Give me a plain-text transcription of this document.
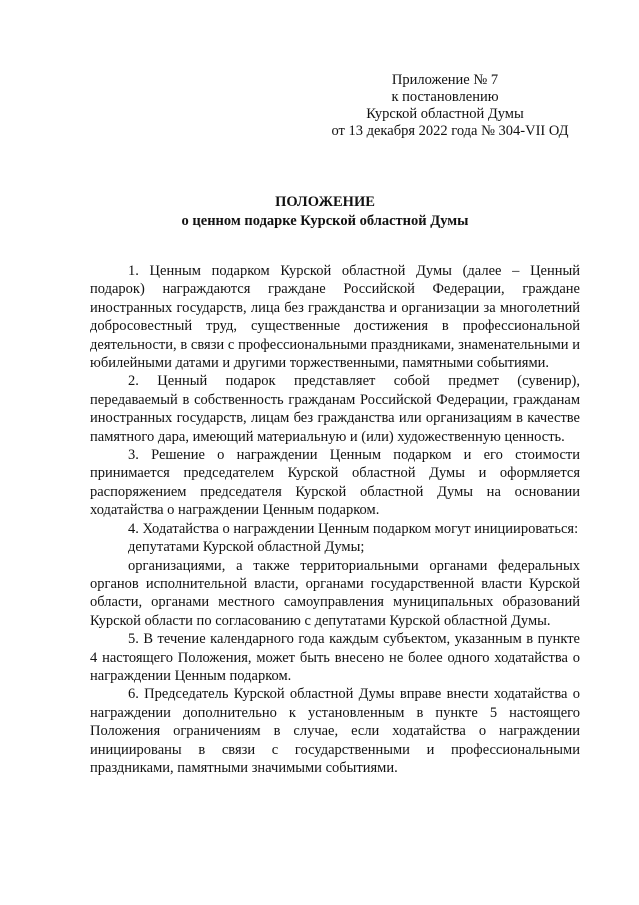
Приложение № 7
к постановлению
Курской областной Думы
от 13 декабря 2022 года № 304-VII ОД
ПОЛОЖЕНИЕ
о ценном подарке Курской областной Думы

1. Ценным подарком Курской областной Думы (далее – Ценный подарок) награждаются граждане Российской Федерации, граждане иностранных государств, лица без гражданства и организации за многолетний добросовестный труд, существенные достижения в профессиональной деятельности, в связи с профессиональными праздниками, знаменательными и юбилейными датами и другими торжественными, памятными событиями.

2. Ценный подарок представляет собой предмет (сувенир), передаваемый в собственность гражданам Российской Федерации, гражданам иностранных государств, лицам без гражданства или организациям в качестве памятного дара, имеющий материальную и (или) художественную ценность.

3. Решение о награждении Ценным подарком и его стоимости принимается председателем Курской областной Думы и оформляется распоряжением председателя Курской областной Думы на основании ходатайства о награждении Ценным подарком.

4. Ходатайства о награждении Ценным подарком могут инициироваться:

депутатами Курской областной Думы;

организациями, а также территориальными органами федеральных органов исполнительной власти, органами государственной власти Курской области, органами местного самоуправления муниципальных образований Курской области по согласованию с депутатами Курской областной Думы.

5. В течение календарного года каждым субъектом, указанным в пункте 4 настоящего Положения, может быть внесено не более одного ходатайства о награждении Ценным подарком.

6. Председатель Курской областной Думы вправе внести ходатайства о награждении дополнительно к установленным в пункте 5 настоящего Положения ограничениям в случае, если ходатайства о награждении инициированы в связи с государственными и профессиональными праздниками, памятными значимыми событиями.
